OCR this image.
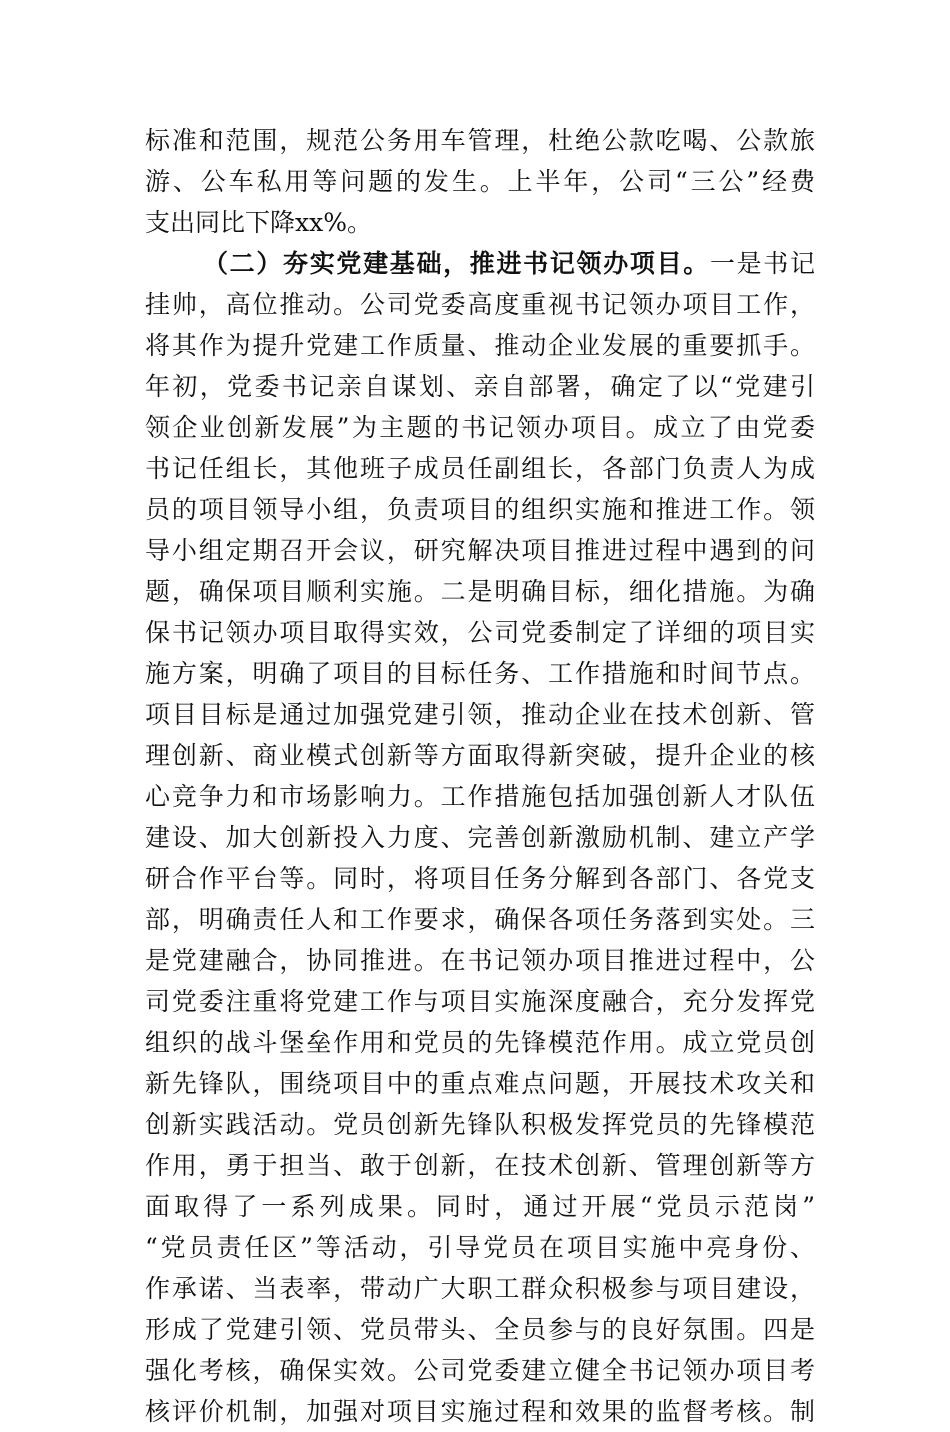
标准和范围，规范公务用车管理，杜绝公款吃喝、公款旅
游、公车私用等问题的发生。上半年，公司“三公”经费
支出同比下降xx%。
（二）夯实党建基础，推进书记领办项目。一是书记
挂帅，高位推动。公司党委高度重视书记领办项目工作，
将其作为提升党建工作质量、推动企业发展的重要抓手。
年初，党委书记亲自谋划、亲自部署，确定了以“党建引
领企业创新发展”为主题的书记领办项目。成立了由党委
书记任组长，其他班子成员任副组长，各部门负责人为成
员的项目领导小组，负责项目的组织实施和推进工作。领
导小组定期召开会议，研究解决项目推进过程中遇到的问
题，确保项目顺利实施。二是明确目标，细化措施。为确
保书记领办项目取得实效，公司党委制定了详细的项目实
施方案，明确了项目的目标任务、工作措施和时间节点。
项目目标是通过加强党建引领，推动企业在技术创新、管
理创新、商业模式创新等方面取得新突破，提升企业的核
心竞争力和市场影响力。工作措施包括加强创新人才队伍
建设、加大创新投入力度、完善创新激励机制、建立产学
研合作平台等。同时，将项目任务分解到各部门、各党支
部，明确责任人和工作要求，确保各项任务落到实处。三
是党建融合，协同推进。在书记领办项目推进过程中，公
司党委注重将党建工作与项目实施深度融合，充分发挥党
组织的战斗堡垒作用和党员的先锋模范作用。成立党员创
新先锋队，围绕项目中的重点难点问题，开展技术攻关和
创新实践活动。党员创新先锋队积极发挥党员的先锋模范
作用，勇于担当、敢于创新，在技术创新、管理创新等方
面取得了一系列成果。同时，通过开展“党员示范岗”
“党员责任区”等活动，引导党员在项目实施中亮身份、
作承诺、当表率，带动广大职工群众积极参与项目建设，
形成了党建引领、党员带头、全员参与的良好氛围。四是
强化考核，确保实效。公司党委建立健全书记领办项目考
核评价机制，加强对项目实施过程和效果的监督考核。制
